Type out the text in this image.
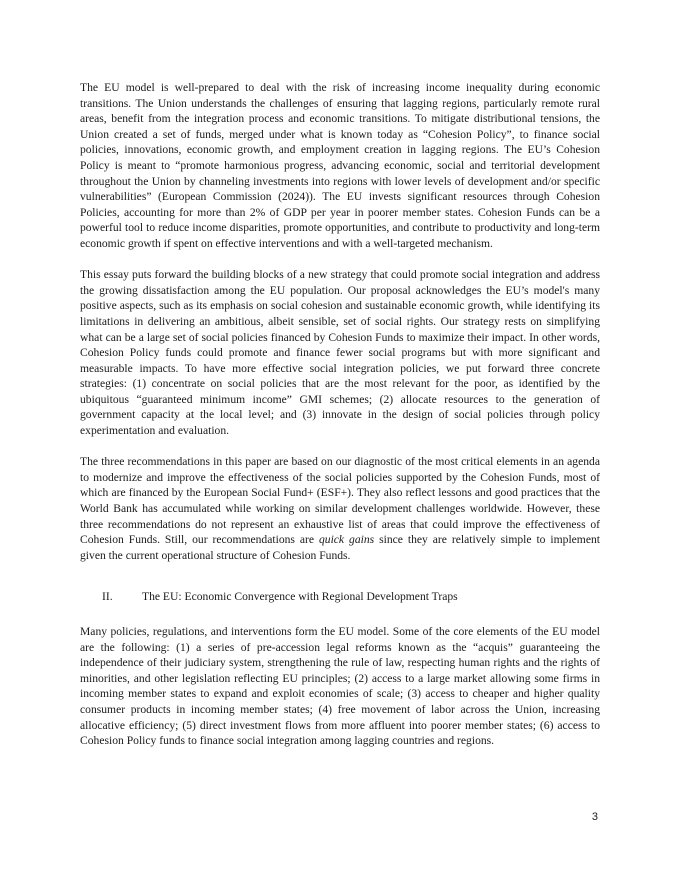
The EU model is well-prepared to deal with the risk of increasing income inequality during economic transitions. The Union understands the challenges of ensuring that lagging regions, particularly remote rural areas, benefit from the integration process and economic transitions. To mitigate distributional tensions, the Union created a set of funds, merged under what is known today as “Cohesion Policy”, to finance social policies, innovations, economic growth, and employment creation in lagging regions. The EU’s Cohesion Policy is meant to “promote harmonious progress, advancing economic, social and territorial development throughout the Union by channeling investments into regions with lower levels of development and/or specific vulnerabilities” (European Commission (2024)). The EU invests significant resources through Cohesion Policies, accounting for more than 2% of GDP per year in poorer member states. Cohesion Funds can be a powerful tool to reduce income disparities, promote opportunities, and contribute to productivity and long-term economic growth if spent on effective interventions and with a well-targeted mechanism.

This essay puts forward the building blocks of a new strategy that could promote social integration and address the growing dissatisfaction among the EU population. Our proposal acknowledges the EU’s model's many positive aspects, such as its emphasis on social cohesion and sustainable economic growth, while identifying its limitations in delivering an ambitious, albeit sensible, set of social rights. Our strategy rests on simplifying what can be a large set of social policies financed by Cohesion Funds to maximize their impact. In other words, Cohesion Policy funds could promote and finance fewer social programs but with more significant and measurable impacts. To have more effective social integration policies, we put forward three concrete strategies: (1) concentrate on social policies that are the most relevant for the poor, as identified by the ubiquitous “guaranteed minimum income” GMI schemes; (2) allocate resources to the generation of government capacity at the local level; and (3) innovate in the design of social policies through policy experimentation and evaluation.

The three recommendations in this paper are based on our diagnostic of the most critical elements in an agenda to modernize and improve the effectiveness of the social policies supported by the Cohesion Funds, most of which are financed by the European Social Fund+ (ESF+). They also reflect lessons and good practices that the World Bank has accumulated while working on similar development challenges worldwide. However, these three recommendations do not represent an exhaustive list of areas that could improve the effectiveness of Cohesion Funds. Still, our recommendations are quick gains since they are relatively simple to implement given the current operational structure of Cohesion Funds.

II.	The EU: Economic Convergence with Regional Development Traps

Many policies, regulations, and interventions form the EU model. Some of the core elements of the EU model are the following: (1) a series of pre-accession legal reforms known as the “acquis” guaranteeing the independence of their judiciary system, strengthening the rule of law, respecting human rights and the rights of minorities, and other legislation reflecting EU principles; (2) access to a large market allowing some firms in incoming member states to expand and exploit economies of scale; (3) access to cheaper and higher quality consumer products in incoming member states; (4) free movement of labor across the Union, increasing allocative efficiency; (5) direct investment flows from more affluent into poorer member states; (6) access to Cohesion Policy funds to finance social integration among lagging countries and regions.

3
